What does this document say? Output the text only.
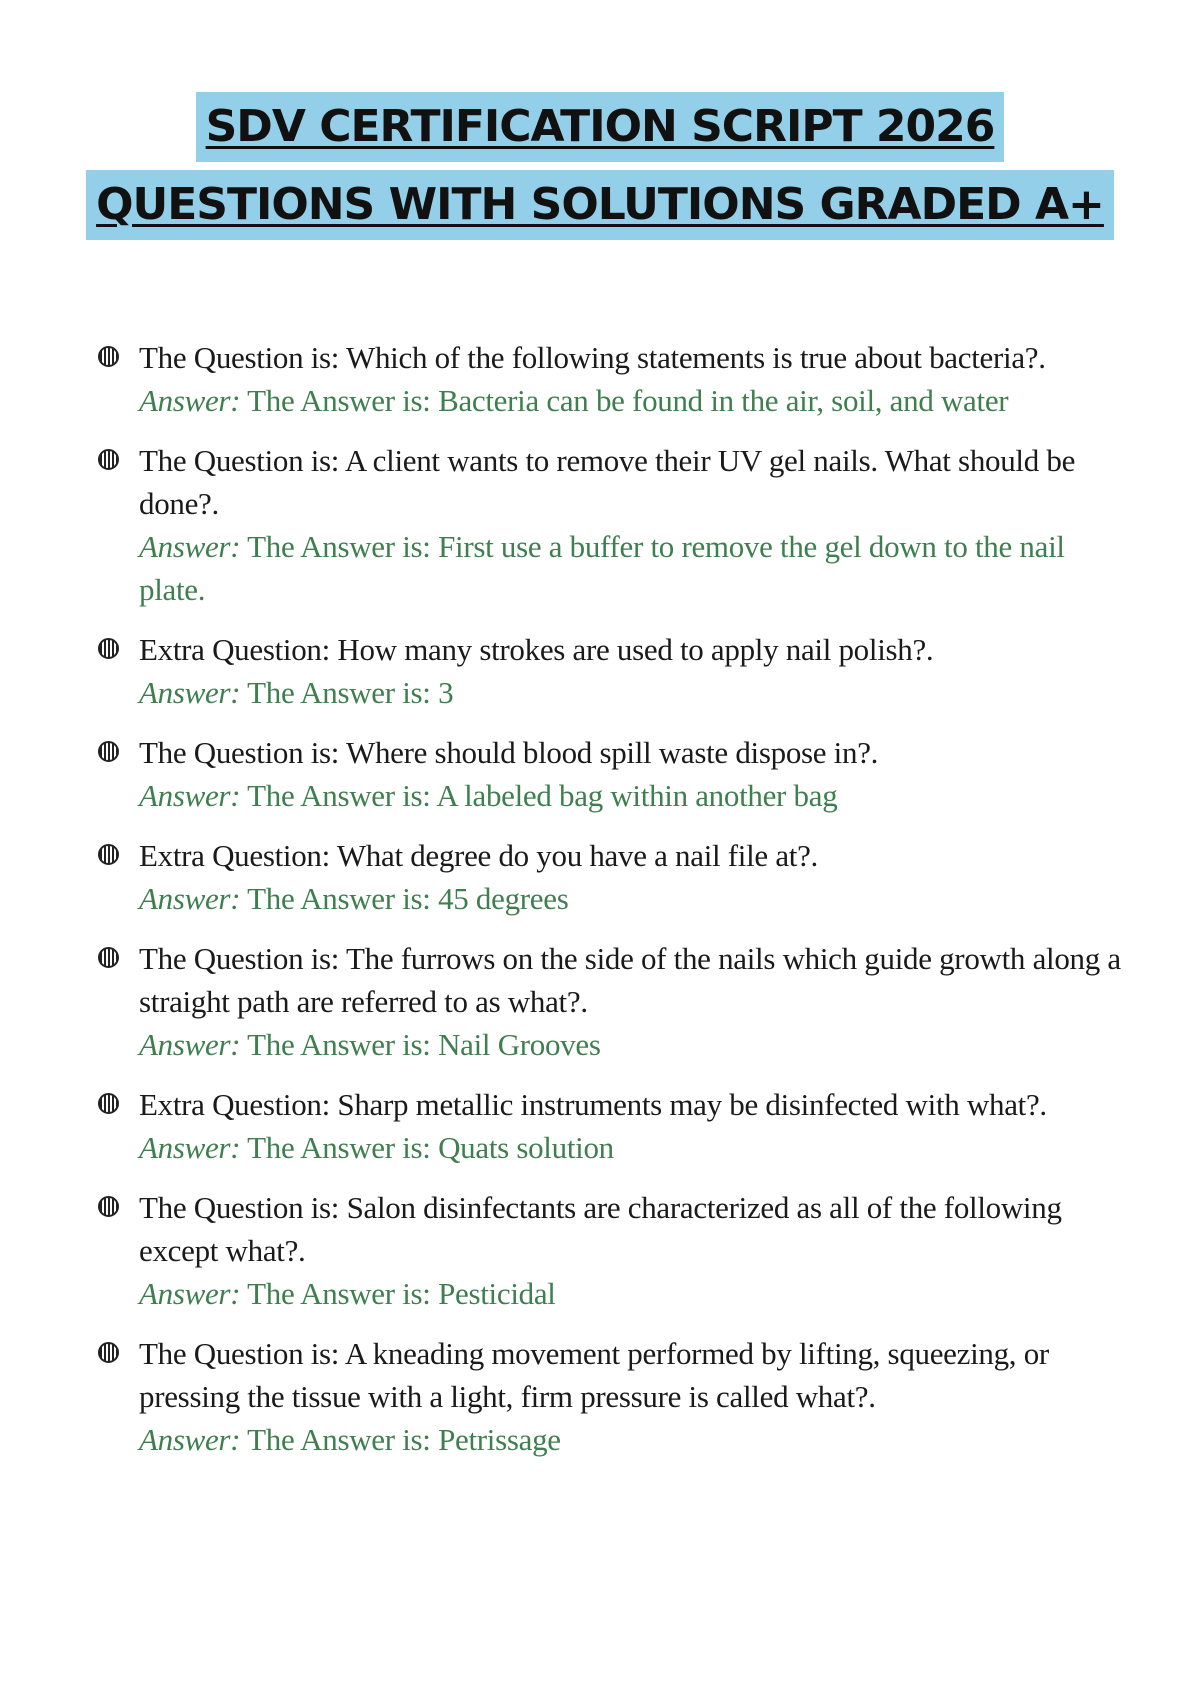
SDV CERTIFICATION SCRIPT 2026
QUESTIONS WITH SOLUTIONS GRADED A+
The Question is: Which of the following statements is true about bacteria?.
Answer: The Answer is: Bacteria can be found in the air, soil, and water
The Question is: A client wants to remove their UV gel nails. What should be done?.
Answer: The Answer is: First use a buffer to remove the gel down to the nail plate.
Extra Question: How many strokes are used to apply nail polish?.
Answer: The Answer is: 3
The Question is: Where should blood spill waste dispose in?.
Answer: The Answer is: A labeled bag within another bag
Extra Question: What degree do you have a nail file at?.
Answer: The Answer is: 45 degrees
The Question is: The furrows on the side of the nails which guide growth along a straight path are referred to as what?.
Answer: The Answer is: Nail Grooves
Extra Question: Sharp metallic instruments may be disinfected with what?.
Answer: The Answer is: Quats solution
The Question is: Salon disinfectants are characterized as all of the following except what?.
Answer: The Answer is: Pesticidal
The Question is: A kneading movement performed by lifting, squeezing, or pressing the tissue with a light, firm pressure is called what?.
Answer: The Answer is: Petrissage
